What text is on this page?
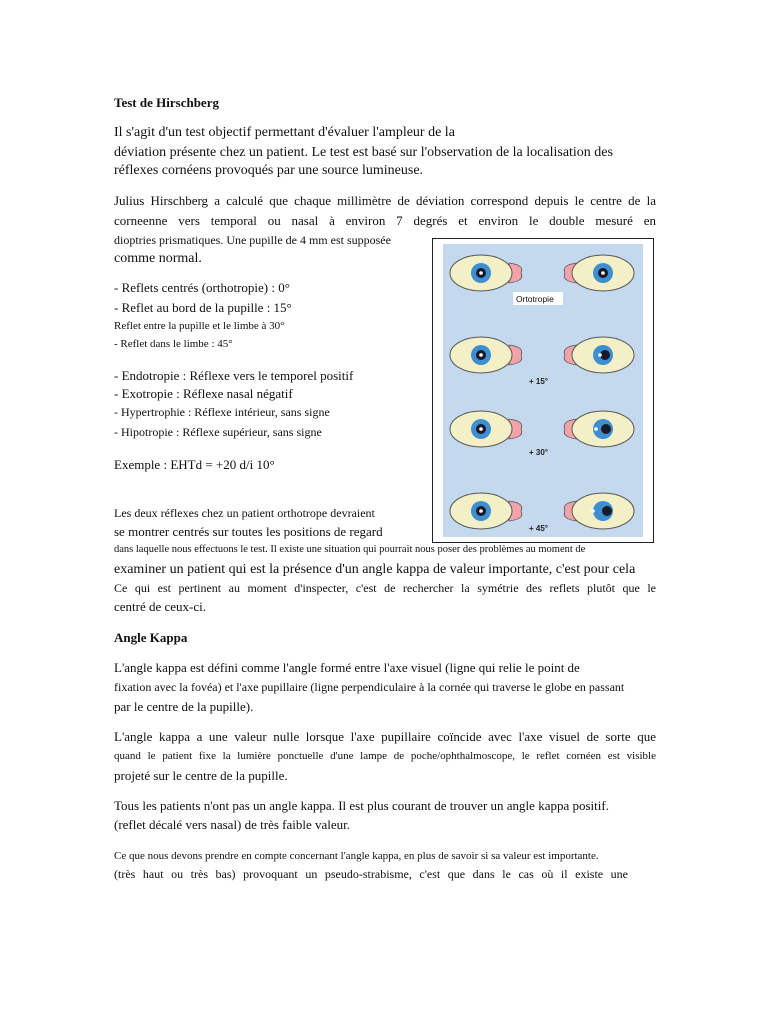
Test de Hirschberg

Il s'agit d'un test objectif permettant d'évaluer l'ampleur de la

déviation présente chez un patient. Le test est basé sur l'observation de la localisation des

réflexes cornéens provoqués par une source lumineuse.

Julius Hirschberg a calculé que chaque millimètre de déviation correspond depuis le centre de la

corneenne vers temporal ou nasal à environ 7 degrés et environ le double mesuré en

dioptries prismatiques. Une pupille de 4 mm est supposée

comme normal.

- Reflets centrés (orthotropie) : 0°

- Reflet au bord de la pupille : 15°

Reflet entre la pupille et le limbe à 30°

- Reflet dans le limbe : 45°

- Endotropie : Réflexe vers le temporel positif

- Exotropie : Réflexe nasal négatif

- Hypertrophie : Réflexe intérieur, sans signe

- Hipotropie : Réflexe supérieur, sans signe

Exemple : EHTd = +20 d/i 10°

Les deux réflexes chez un patient orthotrope devraient

se montrer centrés sur toutes les positions de regard

dans laquelle nous effectuons le test. Il existe une situation qui pourrait nous poser des problèmes au moment de

examiner un patient qui est la présence d'un angle kappa de valeur importante, c'est pour cela

Ce qui est pertinent au moment d'inspecter, c'est de rechercher la symétrie des reflets plutôt que le

centré de ceux-ci.

Angle Kappa

L'angle kappa est défini comme l'angle formé entre l'axe visuel (ligne qui relie le point de

fixation avec la fovéa) et l'axe pupillaire (ligne perpendiculaire à la cornée qui traverse le globe en passant

par le centre de la pupille).

L'angle kappa a une valeur nulle lorsque l'axe pupillaire coïncide avec l'axe visuel de sorte que

quand le patient fixe la lumière ponctuelle d'une lampe de poche/ophthalmoscope, le reflet cornéen est visible

projeté sur le centre de la pupille.

Tous les patients n'ont pas un angle kappa. Il est plus courant de trouver un angle kappa positif.

(reflet décalé vers nasal) de très faible valeur.

Ce que nous devons prendre en compte concernant l'angle kappa, en plus de savoir si sa valeur est importante.

(très haut ou très bas) provoquant un pseudo-strabisme, c'est que dans le cas où il existe une

Ortotropie
+ 15°
+ 30°
+ 45°
